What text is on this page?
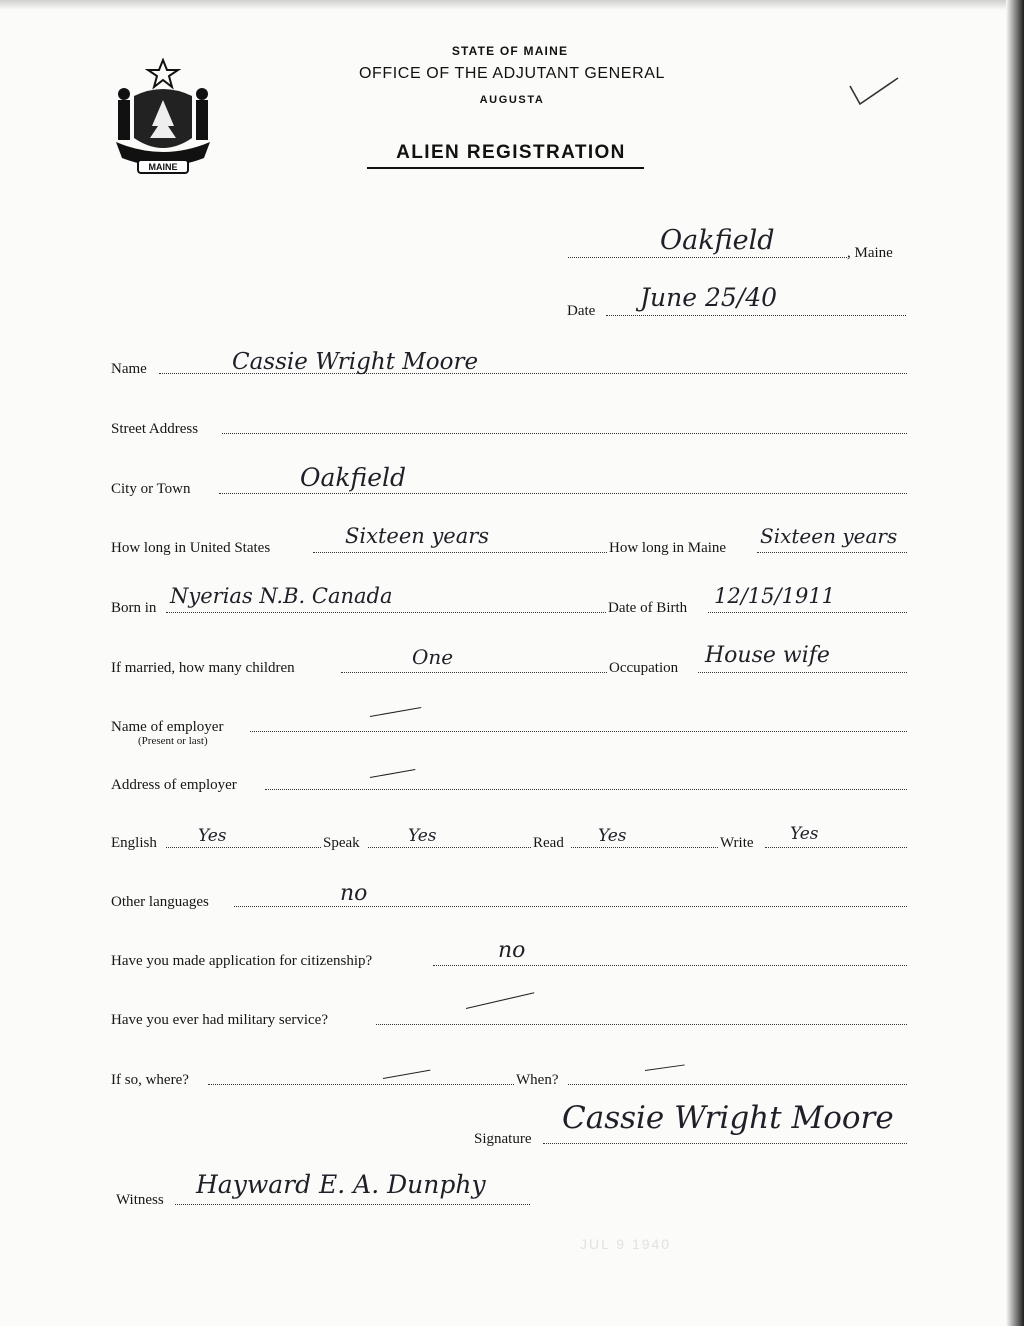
MAINE
STATE OF MAINE
OFFICE OF THE ADJUTANT GENERAL
AUGUSTA
ALIEN REGISTRATION
Oakfield	, Maine
Date June 25/40
Name	Cassie Wright Moore
Street Address
City or Town	Oakfield
How long in United States	Sixteen years	How long in Maine Sixteen years
Born in Nyerias N.B. Canada	Date of Birth 12/15/1911
If married, how many children	One	Occupation House wife
Name of employer
(Present or last)
Address of employer
English Yes	Speak	Yes	Read Yes	Write Yes
Other languages	no
Have you made application for citizenship?	no
Have you ever had military service?
If so, where?	When?
Signature
Cassie Wright Moore
Witness
Hayward E. A. Dunphy
JUL 9 1940
